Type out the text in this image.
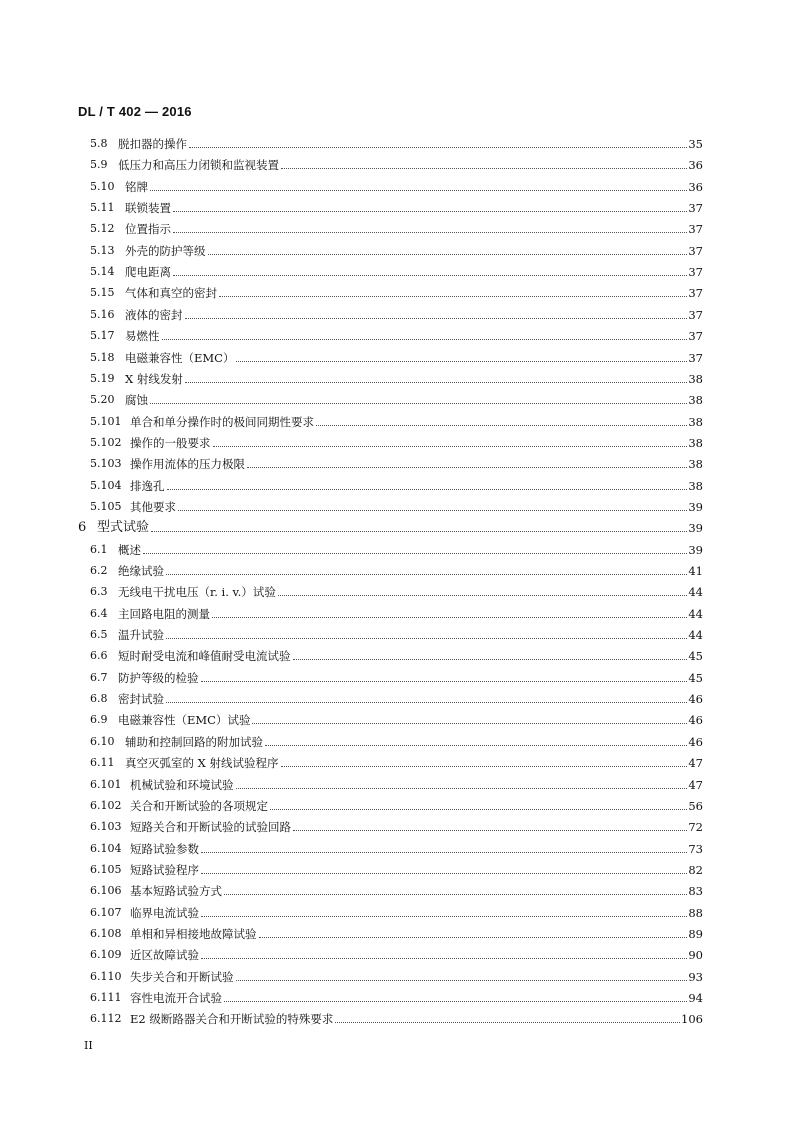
DL / T 402 — 2016
5.8 脱扣器的操作	35
5.9 低压力和高压力闭锁和监视装置	36
5.10 铭牌	36
5.11 联锁装置	37
5.12 位置指示	37
5.13 外壳的防护等级	37
5.14 爬电距离	37
5.15 气体和真空的密封	37
5.16 液体的密封	37
5.17 易燃性	37
5.18 电磁兼容性（EMC）	37
5.19 X 射线发射	38
5.20 腐蚀	38
5.101 单合和单分操作时的极间同期性要求	38
5.102 操作的一般要求	38
5.103 操作用流体的压力极限	38
5.104 排逸孔	38
5.105 其他要求	39
6 型式试验	39
6.1 概述	39
6.2 绝缘试验	41
6.3 无线电干扰电压（r. i. v.）试验	44
6.4 主回路电阻的测量	44
6.5 温升试验	44
6.6 短时耐受电流和峰值耐受电流试验	45
6.7 防护等级的检验	45
6.8 密封试验	46
6.9 电磁兼容性（EMC）试验	46
6.10 辅助和控制回路的附加试验	46
6.11 真空灭弧室的 X 射线试验程序	47
6.101 机械试验和环境试验	47
6.102 关合和开断试验的各项规定	56
6.103 短路关合和开断试验的试验回路	72
6.104 短路试验参数	73
6.105 短路试验程序	82
6.106 基本短路试验方式	83
6.107 临界电流试验	88
6.108 单相和异相接地故障试验	89
6.109 近区故障试验	90
6.110 失步关合和开断试验	93
6.111 容性电流开合试验	94
6.112 E2 级断路器关合和开断试验的特殊要求	106
II
